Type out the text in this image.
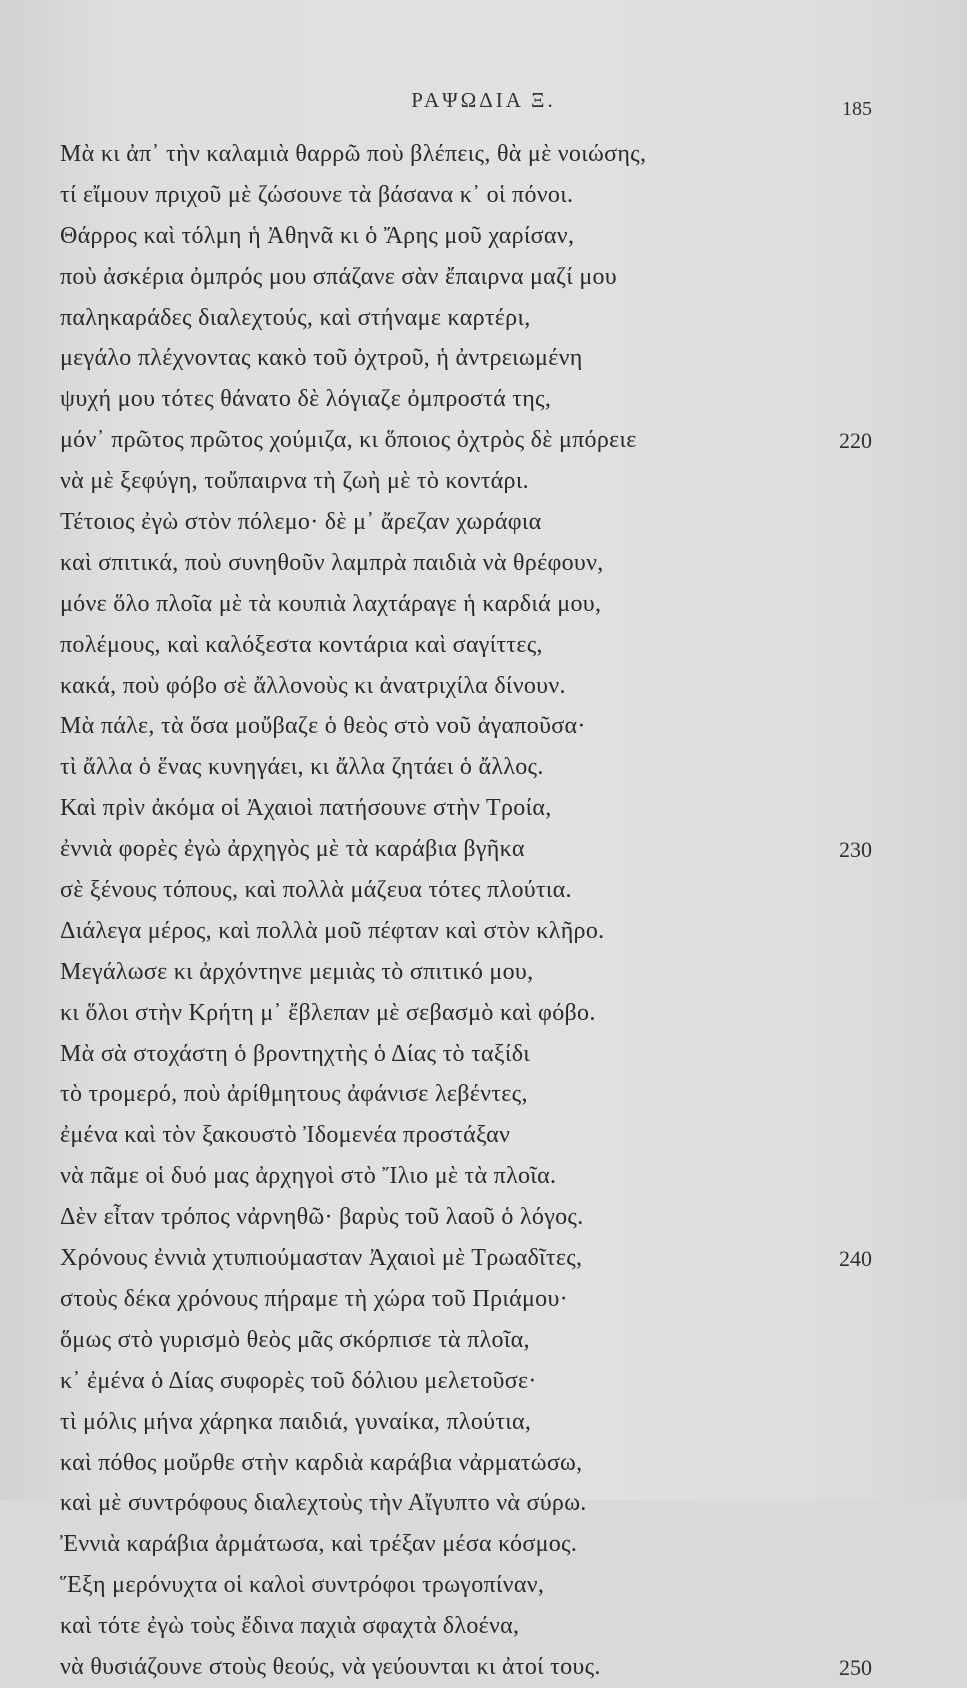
ΡΑΨΩΔΙΑ Ξ.	185
Μὰ κι ἀπ᾽ τὴν καλαμιὰ θαρρῶ ποὺ βλέπεις, θὰ μὲ νοιώσης,
τί εἴμουν πριχοῦ μὲ ζώσουνε τὰ βάσανα κ᾽ οἱ πόνοι.
Θάρρος καὶ τόλμη ἡ Ἀθηνᾶ κι ὁ Ἄρης μοῦ χαρίσαν,
ποὺ ἀσκέρια ὀμπρός μου σπάζανε σὰν ἔπαιρνα μαζί μου
παληκαράδες διαλεχτούς, καὶ στήναμε καρτέρι,
μεγάλο πλέχνοντας κακὸ τοῦ ὀχτροῦ, ἡ ἀντρειωμένη
ψυχή μου τότες θάνατο δὲ λόγιαζε ὀμπροστά της,
μόν᾽ πρῶτος πρῶτος χούμιζα, κι ὅποιος ὀχτρὸς δὲ μπόρειε
νὰ μὲ ξεφύγη, τοὔπαιρνα τὴ ζωὴ μὲ τὸ κοντάρι.
Τέτοιος ἐγὼ στὸν πόλεμο· δὲ μ᾽ ἄρεζαν χωράφια
καὶ σπιτικά, ποὺ συνηθοῦν λαμπρὰ παιδιὰ νὰ θρέφουν,
μόνε ὅλο πλοῖα μὲ τὰ κουπιὰ λαχτάραγε ἡ καρδιά μου,
πολέμους, καὶ καλόξεστα κοντάρια καὶ σαγίττες,
κακά, ποὺ φόβο σὲ ἄλλονοὺς κι ἀνατριχίλα δίνουν.
Μὰ πάλε, τὰ ὅσα μοὔβαζε ὁ θεὸς στὸ νοῦ ἀγαποῦσα·
τὶ ἄλλα ὁ ἕνας κυνηγάει, κι ἄλλα ζητάει ὁ ἄλλος.
Καὶ πρὶν ἀκόμα οἱ Ἀχαιοὶ πατήσουνε στὴν Τροία,
ἐννιὰ φορὲς ἐγὼ ἀρχηγὸς μὲ τὰ καράβια βγῆκα
σὲ ξένους τόπους, καὶ πολλὰ μάζευα τότες πλούτια.
Διάλεγα μέρος, καὶ πολλὰ μοῦ πέφταν καὶ στὸν κλῆρο.
Μεγάλωσε κι ἀρχόντηνε μεμιὰς τὸ σπιτικό μου,
κι ὅλοι στὴν Κρήτη μ᾽ ἔβλεπαν μὲ σεβασμὸ καὶ φόβο.
Μὰ σὰ στοχάστη ὁ βροντηχτὴς ὁ Δίας τὸ ταξίδι
τὸ τρομερό, ποὺ ἀρίθμητους ἀφάνισε λεβέντες,
ἐμένα καὶ τὸν ξακουστὸ Ἰδομενέα προστάξαν
νὰ πᾶμε οἱ δυό μας ἀρχηγοὶ στὸ Ἴλιο μὲ τὰ πλοῖα.
Δὲν εἶταν τρόπος νἀρνηθῶ· βαρὺς τοῦ λαοῦ ὁ λόγος.
Χρόνους ἐννιὰ χτυπιούμασταν Ἀχαιοὶ μὲ Τρωαδῖτες,
στοὺς δέκα χρόνους πήραμε τὴ χώρα τοῦ Πριάμου·
ὅμως στὸ γυρισμὸ θεὸς μᾶς σκόρπισε τὰ πλοῖα,
κ᾽ ἐμένα ὁ Δίας συφορὲς τοῦ δόλιου μελετοῦσε·
τὶ μόλις μήνα χάρηκα παιδιά, γυναίκα, πλούτια,
καὶ πόθος μοὔρθε στὴν καρδιὰ καράβια νἀρματώσω,
καὶ μὲ συντρόφους διαλεχτοὺς τὴν Αἴγυπτο νὰ σύρω.
Ἐννιὰ καράβια ἀρμάτωσα, καὶ τρέξαν μέσα κόσμος.
Ἕξη μερόνυχτα οἱ καλοὶ συντρόφοι τρωγοπίναν,
καὶ τότε ἐγὼ τοὺς ἔδινα παχιὰ σφαχτὰ δλοένα,
νὰ θυσιάζουνε στοὺς θεούς, νὰ γεύουνται κι ἀτοί τους.
220
230
240
250
